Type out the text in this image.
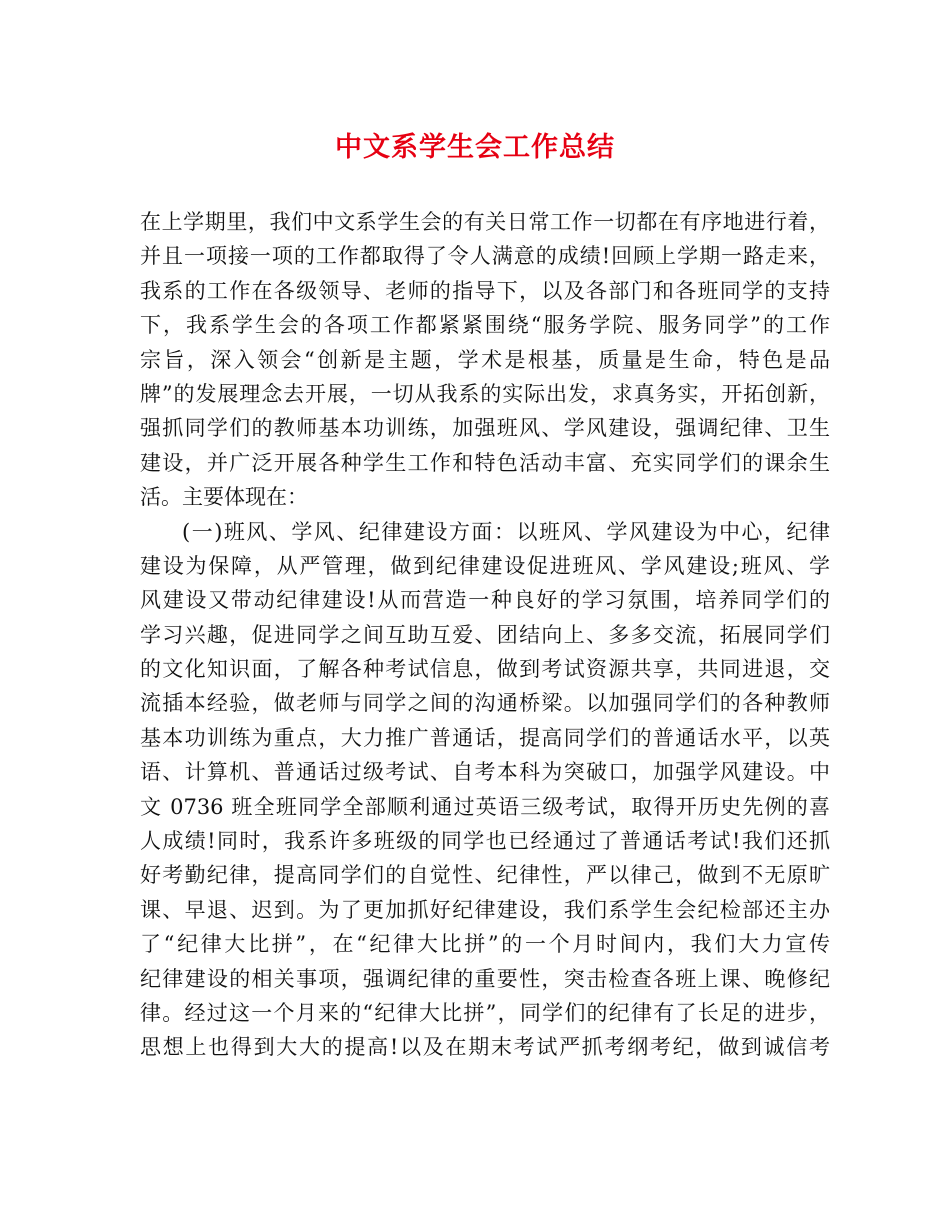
中文系学生会工作总结
在上学期里，我们中文系学生会的有关日常工作一切都在有序地进行着，
并且一项接一项的工作都取得了令人满意的成绩!回顾上学期一路走来，
我系的工作在各级领导、老师的指导下，以及各部门和各班同学的支持
下，我系学生会的各项工作都紧紧围绕“服务学院、服务同学”的工作
宗旨，深入领会“创新是主题，学术是根基，质量是生命，特色是品
牌”的发展理念去开展，一切从我系的实际出发，求真务实，开拓创新，
强抓同学们的教师基本功训练，加强班风、学风建设，强调纪律、卫生
建设，并广泛开展各种学生工作和特色活动丰富、充实同学们的课余生
活。主要体现在：
(一)班风、学风、纪律建设方面：以班风、学风建设为中心，纪律
建设为保障，从严管理，做到纪律建设促进班风、学风建设;班风、学
风建设又带动纪律建设!从而营造一种良好的学习氛围，培养同学们的
学习兴趣，促进同学之间互助互爱、团结向上、多多交流，拓展同学们
的文化知识面，了解各种考试信息，做到考试资源共享，共同进退，交
流插本经验，做老师与同学之间的沟通桥梁。以加强同学们的各种教师
基本功训练为重点，大力推广普通话，提高同学们的普通话水平，以英
语、计算机、普通话过级考试、自考本科为突破口，加强学风建设。中
文 0736 班全班同学全部顺利通过英语三级考试，取得开历史先例的喜
人成绩!同时，我系许多班级的同学也已经通过了普通话考试!我们还抓
好考勤纪律，提高同学们的自觉性、纪律性，严以律己，做到不无原旷
课、早退、迟到。为了更加抓好纪律建设，我们系学生会纪检部还主办
了“纪律大比拼”，在“纪律大比拼”的一个月时间内，我们大力宣传
纪律建设的相关事项，强调纪律的重要性，突击检查各班上课、晚修纪
律。经过这一个月来的“纪律大比拼”，同学们的纪律有了长足的进步，
思想上也得到大大的提高!以及在期末考试严抓考纲考纪，做到诚信考
